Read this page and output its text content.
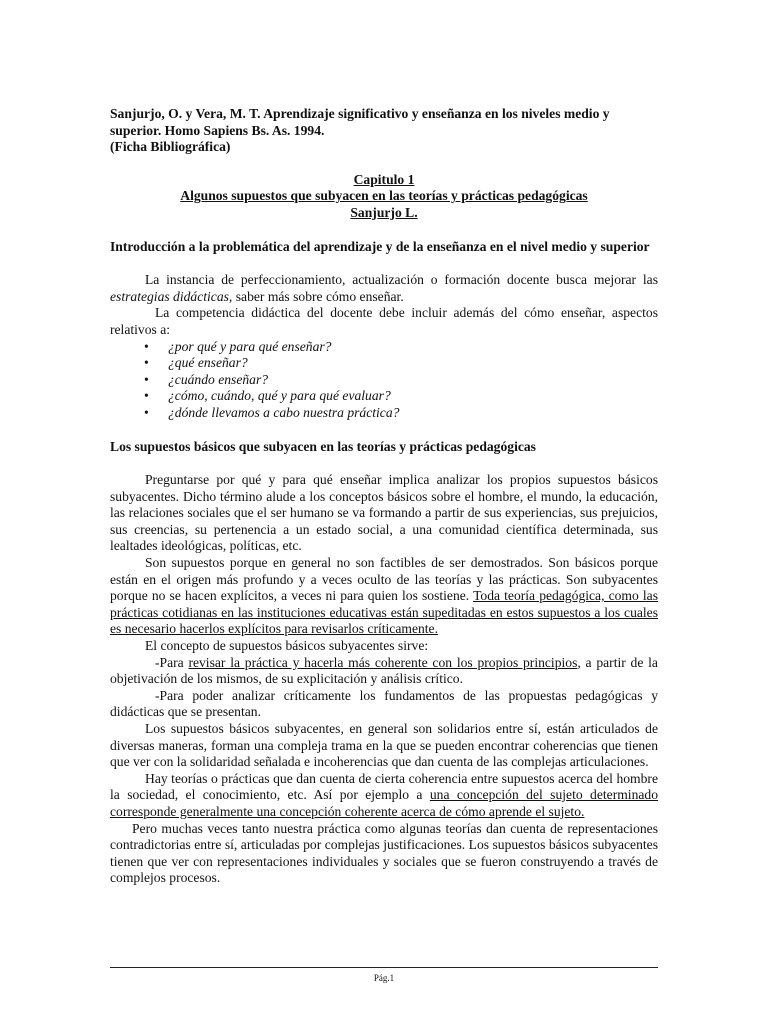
Sanjurjo, O. y Vera, M. T. Aprendizaje significativo y enseñanza en los niveles medio y superior. Homo Sapiens Bs. As. 1994.

(Ficha Bibliográfica)

Capitulo 1
Algunos supuestos que subyacen en las teorías y prácticas pedagógicas
Sanjurjo L.

Introducción a la problemática del aprendizaje y de la enseñanza en el nivel medio y superior

La instancia de perfeccionamiento, actualización o formación docente busca mejorar las estrategias didácticas, saber más sobre cómo enseñar.

La competencia didáctica del docente debe incluir además del cómo enseñar, aspectos relativos a:

• ¿por qué y para qué enseñar?
• ¿qué enseñar?
• ¿cuándo enseñar?
• ¿cómo, cuándo, qué y para qué evaluar?
• ¿dónde llevamos a cabo nuestra práctica?

Los supuestos básicos que subyacen en las teorías y prácticas pedagógicas

Preguntarse por qué y para qué enseñar implica analizar los propios supuestos básicos subyacentes. Dicho término alude a los conceptos básicos sobre el hombre, el mundo, la educación, las relaciones sociales que el ser humano se va formando a partir de sus experiencias, sus prejuicios, sus creencias, su pertenencia a un estado social, a una comunidad científica determinada, sus lealtades ideológicas, políticas, etc.

Son supuestos porque en general no son factibles de ser demostrados. Son básicos porque están en el origen más profundo y a veces oculto de las teorías y las prácticas. Son subyacentes porque no se hacen explícitos, a veces ni para quien los sostiene. Toda teoría pedagógica, como las prácticas cotidianas en las instituciones educativas están supeditadas en estos supuestos a los cuales es necesario hacerlos explícitos para revisarlos críticamente.

El concepto de supuestos básicos subyacentes sirve:

-Para revisar la práctica y hacerla más coherente con los propios principios, a partir de la objetivación de los mismos, de su explicitación y análisis crítico.

-Para poder analizar críticamente los fundamentos de las propuestas pedagógicas y didácticas que se presentan.

Los supuestos básicos subyacentes, en general son solidarios entre sí, están articulados de diversas maneras, forman una compleja trama en la que se pueden encontrar coherencias que tienen que ver con la solidaridad señalada e incoherencias que dan cuenta de las complejas articulaciones.

Hay teorías o prácticas que dan cuenta de cierta coherencia entre supuestos acerca del hombre la sociedad, el conocimiento, etc. Así por ejemplo a una concepción del sujeto determinado corresponde generalmente una concepción coherente acerca de cómo aprende el sujeto.

Pero muchas veces tanto nuestra práctica como algunas teorías dan cuenta de representaciones contradictorias entre sí, articuladas por complejas justificaciones. Los supuestos básicos subyacentes tienen que ver con representaciones individuales y sociales que se fueron construyendo a través de complejos procesos.

Pág.1
